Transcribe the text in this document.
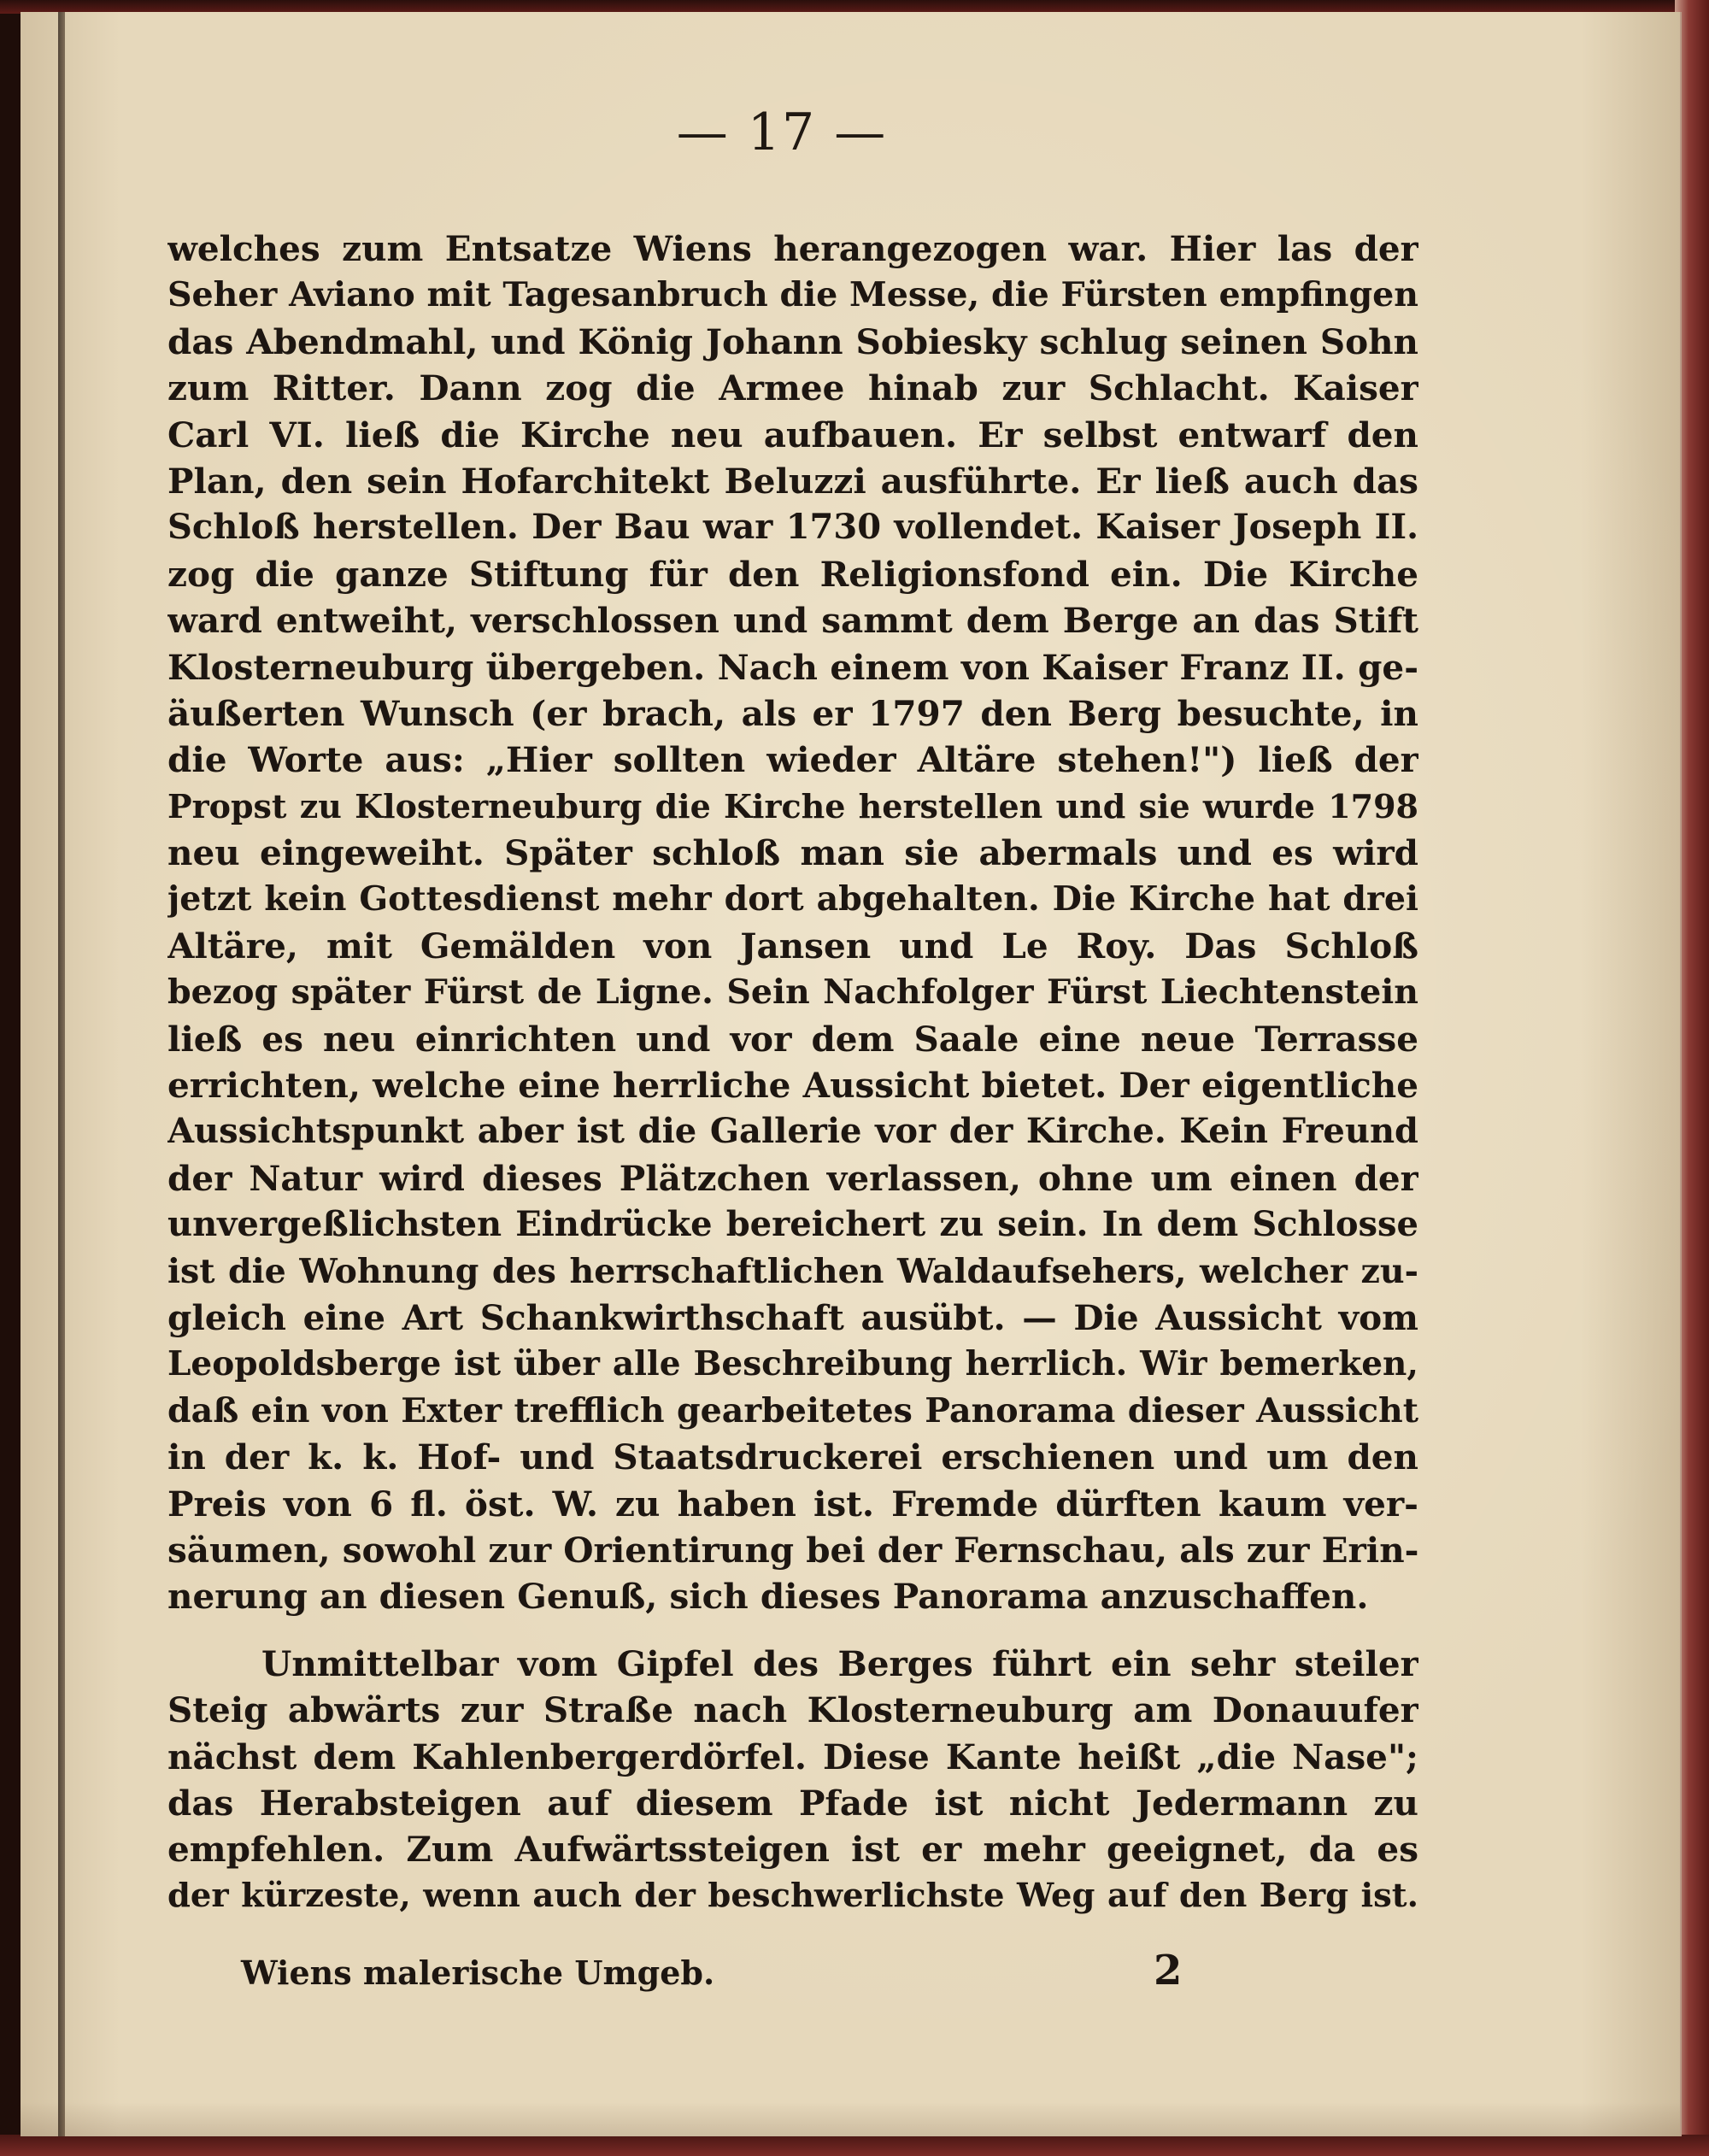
— 17 —
welches zum Entsatze Wiens herangezogen war. Hier las der
Seher Aviano mit Tagesanbruch die Messe, die Fürsten empfingen
das Abendmahl, und König Johann Sobiesky schlug seinen Sohn
zum Ritter. Dann zog die Armee hinab zur Schlacht. Kaiser
Carl VI. ließ die Kirche neu aufbauen. Er selbst entwarf den
Plan, den sein Hofarchitekt Beluzzi ausführte. Er ließ auch das
Schloß herstellen. Der Bau war 1730 vollendet. Kaiser Joseph II.
zog die ganze Stiftung für den Religionsfond ein. Die Kirche
ward entweiht, verschlossen und sammt dem Berge an das Stift
Klosterneuburg übergeben. Nach einem von Kaiser Franz II. ge-
äußerten Wunsch (er brach, als er 1797 den Berg besuchte, in
die Worte aus: „Hier sollten wieder Altäre stehen!") ließ der
Propst zu Klosterneuburg die Kirche herstellen und sie wurde 1798
neu eingeweiht. Später schloß man sie abermals und es wird
jetzt kein Gottesdienst mehr dort abgehalten. Die Kirche hat drei
Altäre, mit Gemälden von Jansen und Le Roy. Das Schloß
bezog später Fürst de Ligne. Sein Nachfolger Fürst Liechtenstein
ließ es neu einrichten und vor dem Saale eine neue Terrasse
errichten, welche eine herrliche Aussicht bietet. Der eigentliche
Aussichtspunkt aber ist die Gallerie vor der Kirche. Kein Freund
der Natur wird dieses Plätzchen verlassen, ohne um einen der
unvergeßlichsten Eindrücke bereichert zu sein. In dem Schlosse
ist die Wohnung des herrschaftlichen Waldaufsehers, welcher zu-
gleich eine Art Schankwirthschaft ausübt. — Die Aussicht vom
Leopoldsberge ist über alle Beschreibung herrlich. Wir bemerken,
daß ein von Exter trefflich gearbeitetes Panorama dieser Aussicht
in der k. k. Hof- und Staatsdruckerei erschienen und um den
Preis von 6 fl. öst. W. zu haben ist. Fremde dürften kaum ver-
säumen, sowohl zur Orientirung bei der Fernschau, als zur Erin-
nerung an diesen Genuß, sich dieses Panorama anzuschaffen.
Unmittelbar vom Gipfel des Berges führt ein sehr steiler
Steig abwärts zur Straße nach Klosterneuburg am Donauufer
nächst dem Kahlenbergerdörfel. Diese Kante heißt „die Nase";
das Herabsteigen auf diesem Pfade ist nicht Jedermann zu
empfehlen. Zum Aufwärtssteigen ist er mehr geeignet, da es
der kürzeste, wenn auch der beschwerlichste Weg auf den Berg ist.
Wiens malerische Umgeb.	2
